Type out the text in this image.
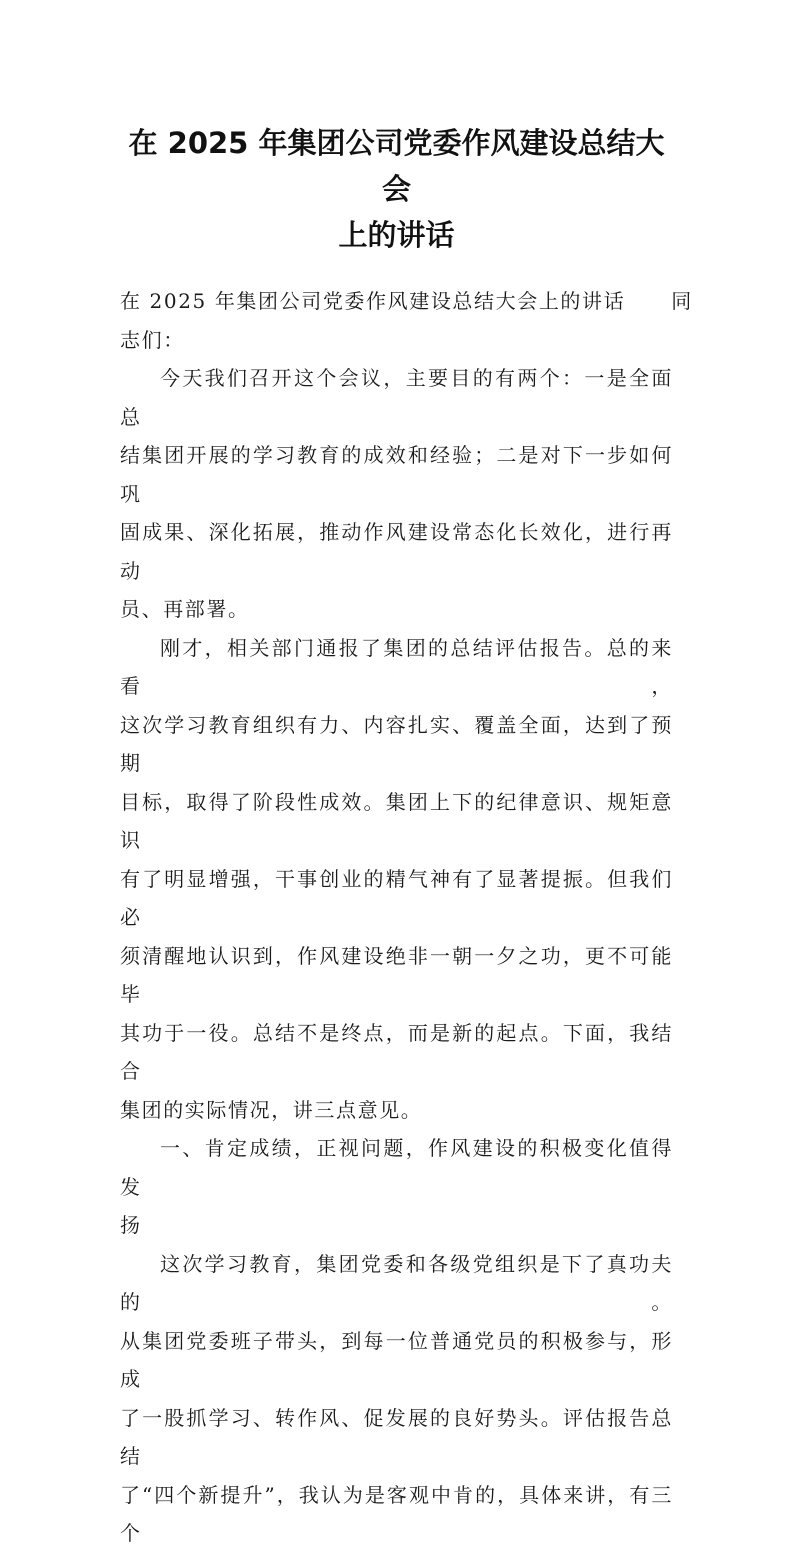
在 2025 年集团公司党委作风建设总结大会
上的讲话

在 2025 年集团公司党委作风建设总结大会上的讲话 同
志们：

今天我们召开这个会议，主要目的有两个：一是全面总
结集团开展的学习教育的成效和经验；二是对下一步如何巩
固成果、深化拓展，推动作风建设常态化长效化，进行再动
员、再部署。

刚才，相关部门通报了集团的总结评估报告。总的来看，
这次学习教育组织有力、内容扎实、覆盖全面，达到了预期
目标，取得了阶段性成效。集团上下的纪律意识、规矩意识
有了明显增强，干事创业的精气神有了显著提振。但我们必
须清醒地认识到，作风建设绝非一朝一夕之功，更不可能毕
其功于一役。总结不是终点，而是新的起点。下面，我结合
集团的实际情况，讲三点意见。

一、肯定成绩，正视问题，作风建设的积极变化值得发
扬

这次学习教育，集团党委和各级党组织是下了真功夫的。
从集团党委班子带头，到每一位普通党员的积极参与，形成
了一股抓学习、转作风、促发展的良好势头。评估报告总结
了“四个新提升”，我认为是客观中肯的，具体来讲，有三个
